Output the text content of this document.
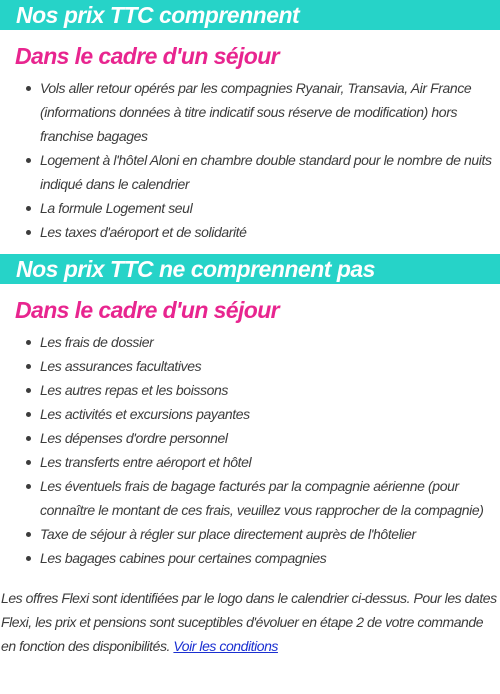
Nos prix TTC comprennent
Dans le cadre d'un séjour
Vols aller retour opérés par les compagnies Ryanair, Transavia, Air France (informations données à titre indicatif sous réserve de modification) hors franchise bagages
Logement à l'hôtel Aloni en chambre double standard pour le nombre de nuits indiqué dans le calendrier
La formule Logement seul
Les taxes d'aéroport et de solidarité
Nos prix TTC ne comprennent pas
Dans le cadre d'un séjour
Les frais de dossier
Les assurances facultatives
Les autres repas et les boissons
Les activités et excursions payantes
Les dépenses d'ordre personnel
Les transferts entre aéroport et hôtel
Les éventuels frais de bagage facturés par la compagnie aérienne (pour connaître le montant de ces frais, veuillez vous rapprocher de la compagnie)
Taxe de séjour à régler sur place directement auprès de l'hôtelier
Les bagages cabines pour certaines compagnies
Les offres Flexi sont identifiées par le logo dans le calendrier ci-dessus. Pour les dates Flexi, les prix et pensions sont suceptibles d'évoluer en étape 2 de votre commande en fonction des disponibilités. Voir les conditions
